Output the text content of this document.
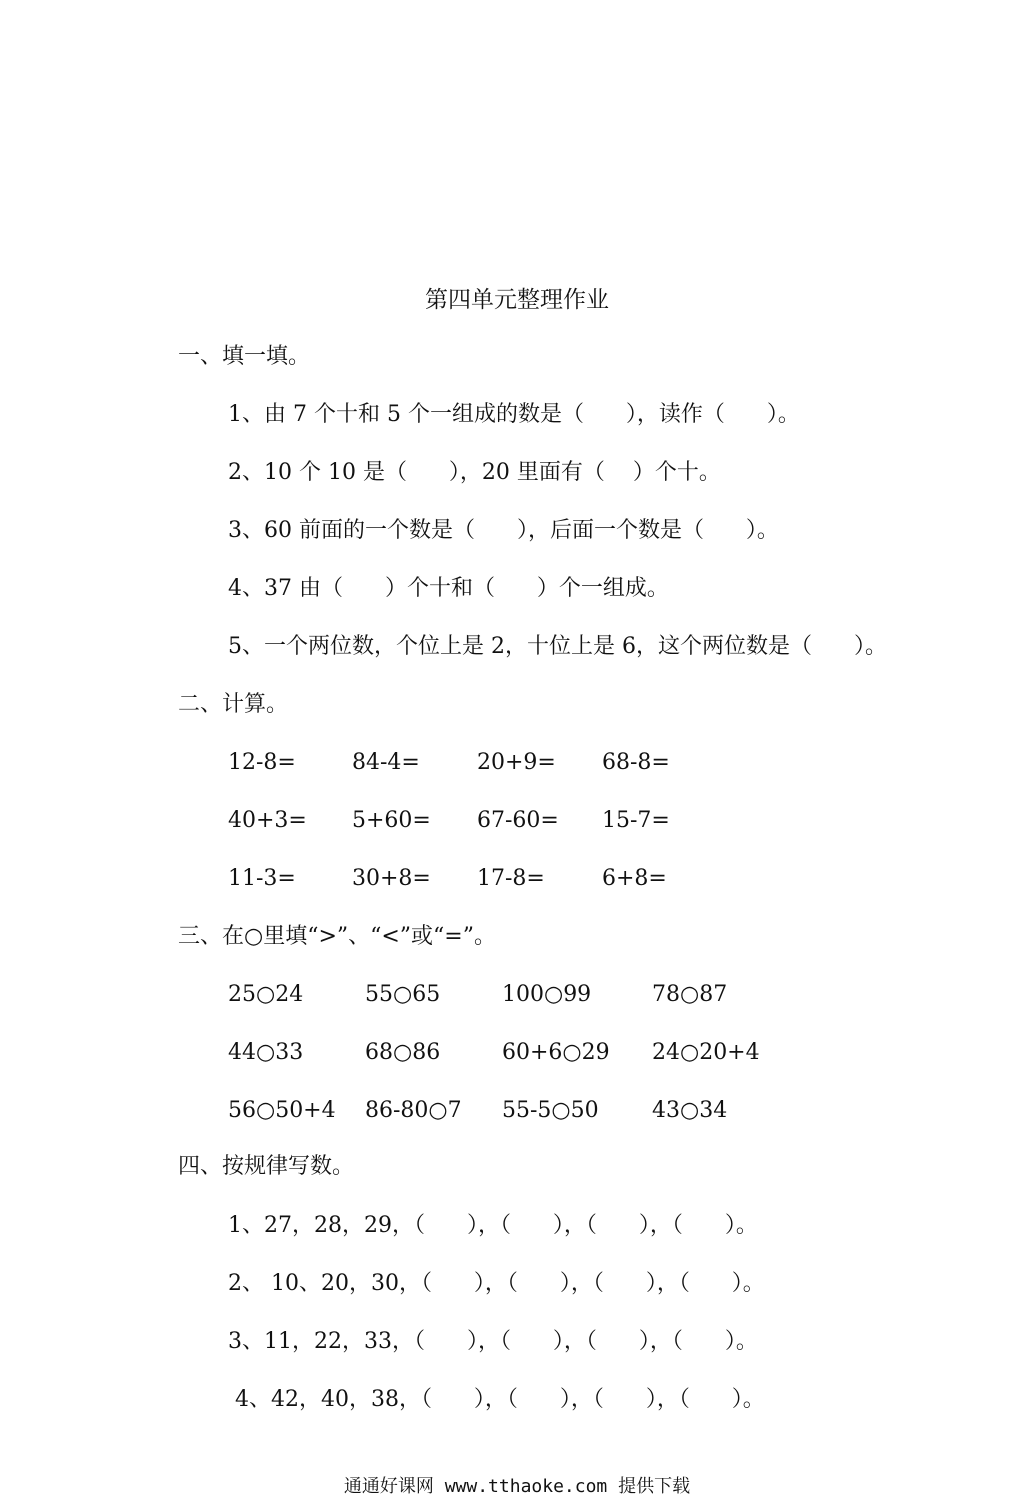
第四单元整理作业
一、填一填。
1、由 7 个十和 5 个一组成的数是（      ），读作（      ）。
2、10 个 10 是（      ），20 里面有（    ）个十。
3、60 前面的一个数是（      ），后面一个数是（      ）。
4、37 由（      ）个十和（      ）个一组成。
5、一个两位数，个位上是 2，十位上是 6，这个两位数是（      ）。
二、计算。
12-8=	84-4=	20+9= 68-8=
40+3= 5+60= 67-60= 15-7=
11-3=	30+8= 17-8=	6+8=
三、在○里填“>”、“<”或“=”。
25○24	55○65	100○99	78○87
44○33	68○86	60+6○29 24○20+4
56○50+4 86-80○7 55-5○50 43○34
四、按规律写数。
1、27，28，29，（      ），（      ），（      ），（      ）。
2、 10、20，30，（      ），（      ），（      ），（      ）。
3、11，22，33，（      ），（      ），（      ），（      ）。
4、42，40，38，（      ），（      ），（      ），（      ）。
通通好课网 www.tthaoke.com 提供下载
